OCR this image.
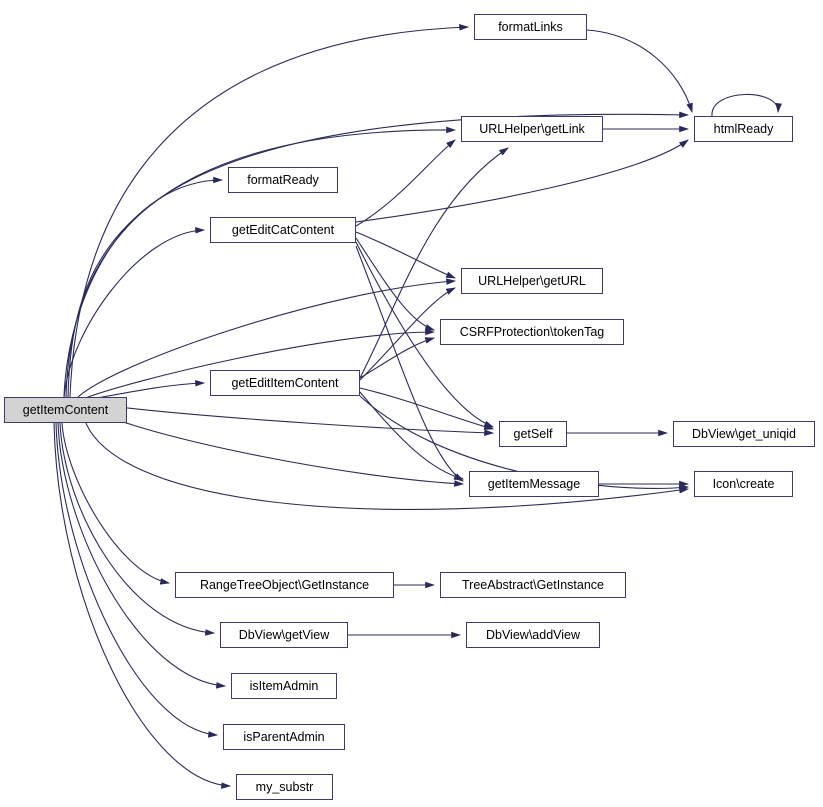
getItemContent
formatLinks
htmlReady
URLHelper\getLink
formatReady
getEditCatContent
URLHelper\getURL
CSRFProtection\tokenTag
getEditItemContent
getSelf	DbView\get_uniqid
getItemMessage	Icon\create
RangeTreeObject\GetInstance	TreeAbstract\GetInstance
DbView\getView	DbView\addView
isItemAdmin
isParentAdmin
my_substr
